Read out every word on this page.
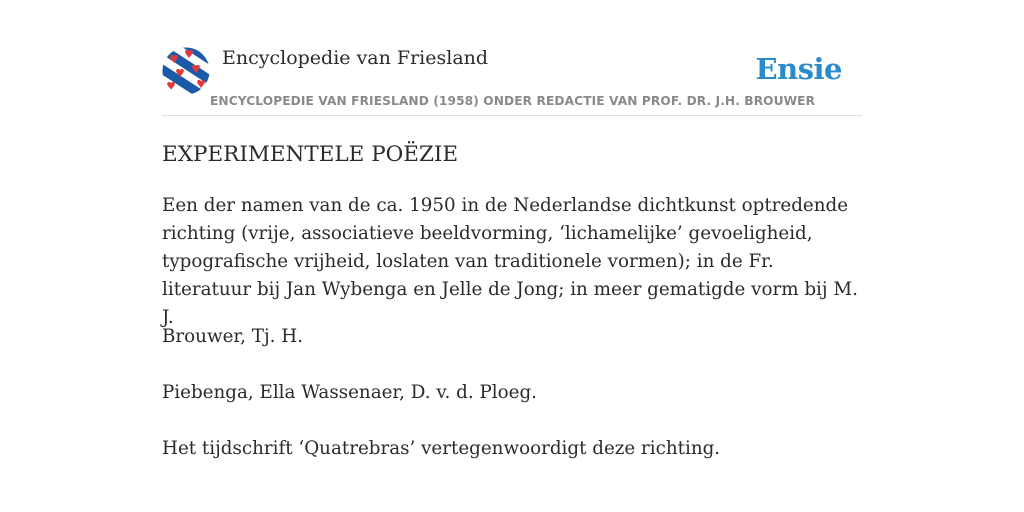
Encyclopedie van Friesland	Ensie
ENCYCLOPEDIE VAN FRIESLAND (1958) ONDER REDACTIE VAN PROF. DR. J.H. BROUWER
EXPERIMENTELE POËZIE

Een der namen van de ca. 1950 in de Nederlandse dichtkunst optredende richting (vrije, associatieve beeldvorming, ‘lichamelijke’ gevoeligheid, typografische vrijheid, loslaten van traditionele vormen); in de Fr. literatuur bij Jan Wybenga en Jelle de Jong; in meer gematigde vorm bij M. J.

Brouwer, Tj. H.

Piebenga, Ella Wassenaer, D. v. d. Ploeg.

Het tijdschrift ‘Quatrebras’ vertegenwoordigt deze richting.
